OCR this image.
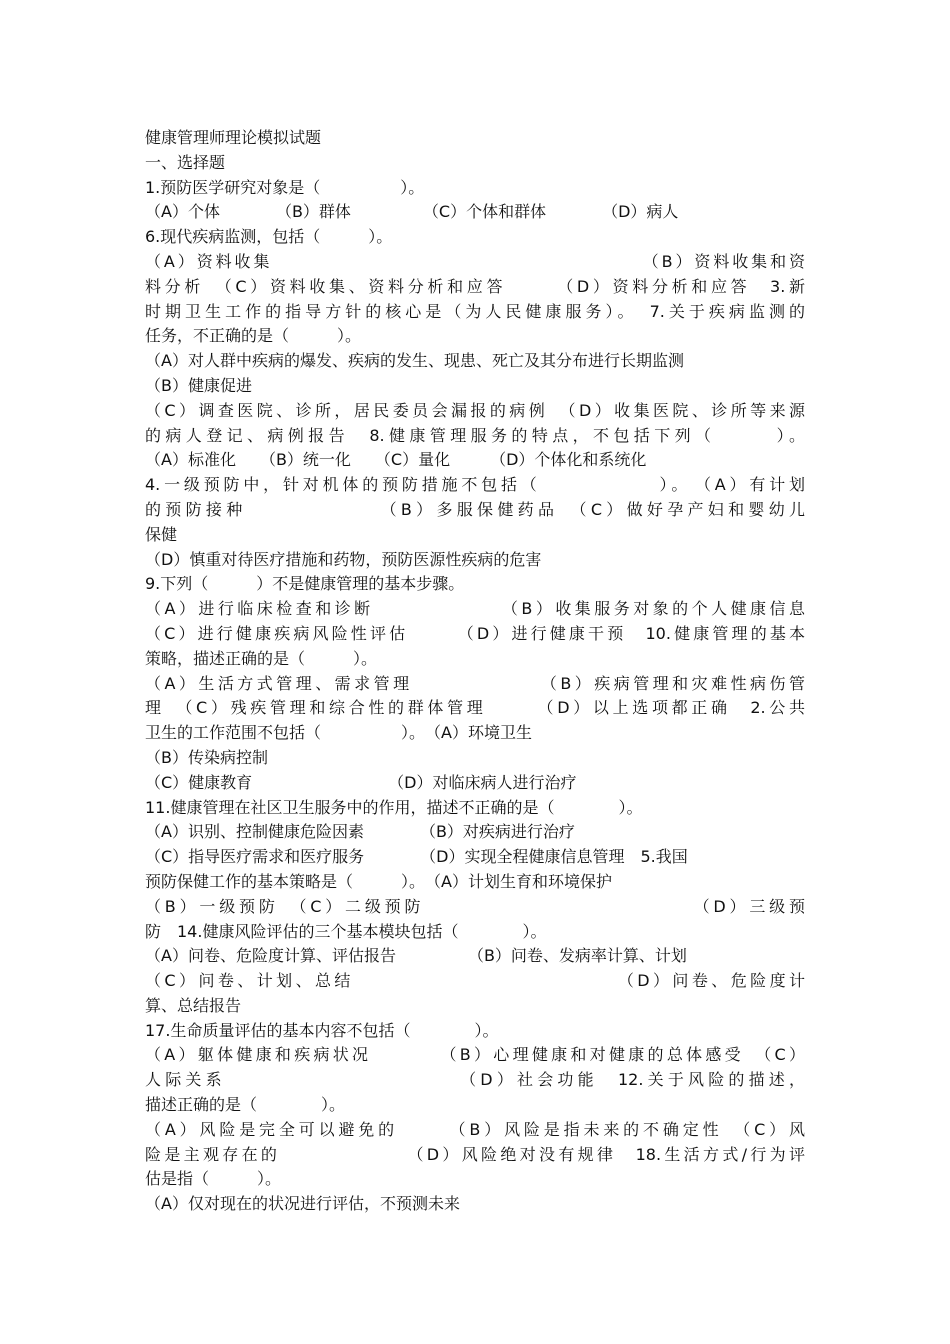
健康管理师理论模拟试题
一、选择题
1.预防医学研究对象是（　　　　　）。
（A）个体　　　　（B）群体　　　　　（C）个体和群体　　　　（D）病人
6.现代疾病监测，包括（　　　）。
（A）资料收集　　　　　　　　　　　　　　　　　　　　（B）资料收集和资
料分析　（C）资料收集、资料分析和应答　　　（D）资料分析和应答　3.新
时期卫生工作的指导方针的核心是（为人民健康服务）。　7.关于疾病监测的
任务，不正确的是（　　　）。
（A）对人群中疾病的爆发、疾病的发生、现患、死亡及其分布进行长期监测
（B）健康促进
（C）调查医院、诊所，居民委员会漏报的病例　（D）收集医院、诊所等来源
的病人登记、病例报告　8.健康管理服务的特点，不包括下列（　　　）。
（A）标准化　　（B）统一化　　（C）量化　　　（D）个体化和系统化
4.一级预防中，针对机体的预防措施不包括（　　　　　　）。　（A）有计划
的预防接种　　　　　　　（B）多服保健药品　（C）做好孕产妇和婴幼儿
保健
（D）慎重对待医疗措施和药物，预防医源性疾病的危害
9.下列（　　　）不是健康管理的基本步骤。
（A）进行临床检查和诊断　　　　　　　（B）收集服务对象的个人健康信息
（C）进行健康疾病风险性评估　　　（D）进行健康干预　10.健康管理的基本
策略，描述正确的是（　　　）。
（A）生活方式管理、需求管理　　　　　　　（B）疾病管理和灾难性病伤管
理　（C）残疾管理和综合性的群体管理　　　（D）以上选项都正确　2.公共
卫生的工作范围不包括（　　　　　）。　（A）环境卫生
（B）传染病控制
（C）健康教育　　　　　　　　　（D）对临床病人进行治疗
11.健康管理在社区卫生服务中的作用，描述不正确的是（　　　　）。
（A）识别、控制健康危险因素　　　　（B）对疾病进行治疗
（C）指导医疗需求和医疗服务　　　　（D）实现全程健康信息管理　5.我国
预防保健工作的基本策略是（　　　）。　（A）计划生育和环境保护
（B）一级预防　（C）二级预防　　　　　　　　　　　　　　（D）三级预
防　14.健康风险评估的三个基本模块包括（　　　　）。
（A）问卷、危险度计算、评估报告　　　　　（B）问卷、发病率计算、计划
（C）问卷、计划、总结　　　　　　　　　　　　　　（D）问卷、危险度计
算、总结报告
17.生命质量评估的基本内容不包括（　　　　）。
（A）躯体健康和疾病状况　　　　（B）心理健康和对健康的总体感受　（C）
人际关系　　　　　　　　　　　　（D）社会功能　12.关于风险的描述，
描述正确的是（　　　　）。
（A）风险是完全可以避免的　　　（B）风险是指未来的不确定性　（C）风
险是主观存在的　　　　　　　（D）风险绝对没有规律　18.生活方式/行为评
估是指（　　　）。
（A）仅对现在的状况进行评估，不预测未来
